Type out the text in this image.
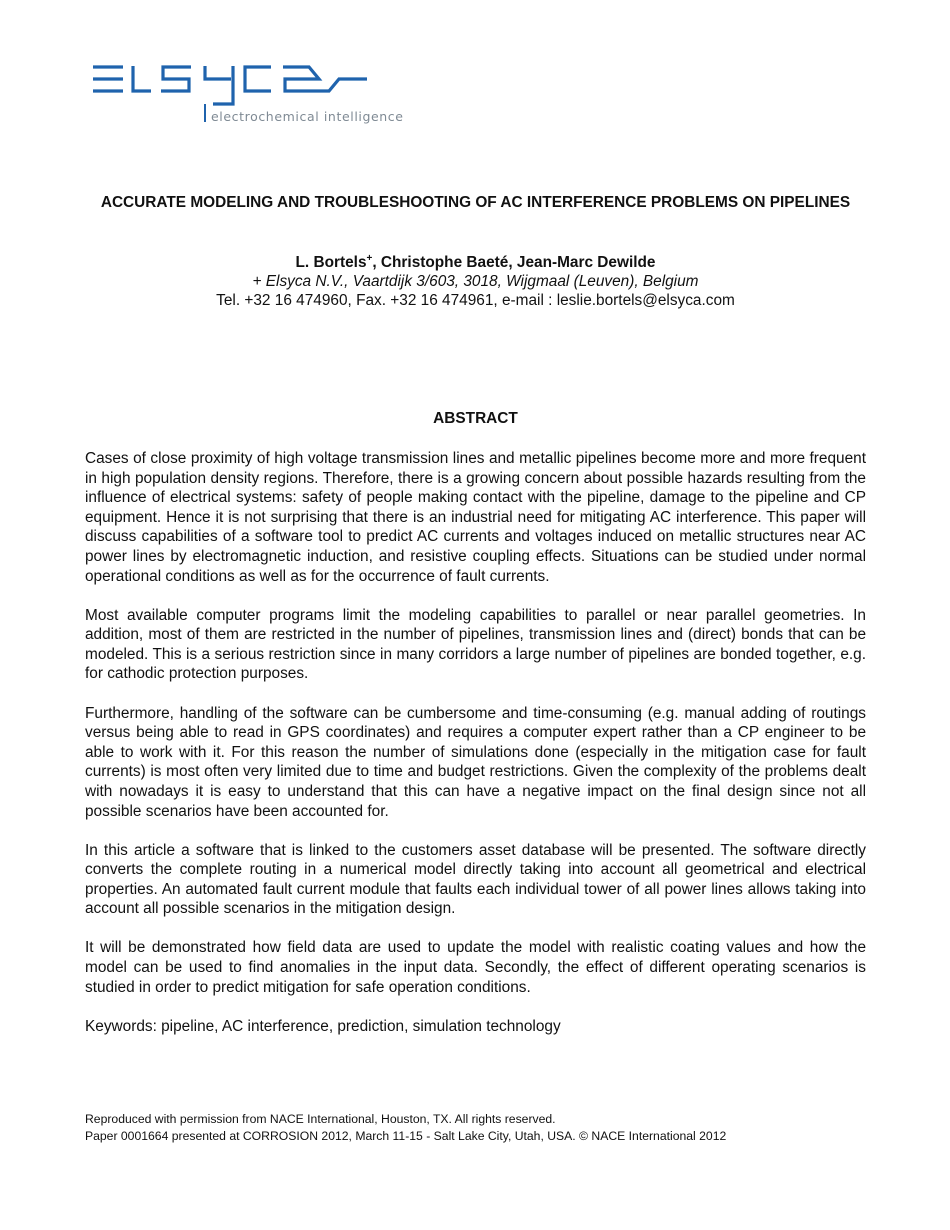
electrochemical intelligence
ACCURATE MODELING AND TROUBLESHOOTING OF AC INTERFERENCE PROBLEMS ON PIPELINES
L. Bortels+, Christophe Baeté, Jean-Marc Dewilde
+ Elsyca N.V., Vaartdijk 3/603, 3018, Wijgmaal (Leuven), Belgium
Tel. +32 16 474960, Fax. +32 16 474961, e-mail : leslie.bortels@elsyca.com
ABSTRACT

Cases of close proximity of high voltage transmission lines and metallic pipelines become more and more frequent in high population density regions. Therefore, there is a growing concern about possible hazards resulting from the influence of electrical systems: safety of people making contact with the pipeline, damage to the pipeline and CP equipment. Hence it is not surprising that there is an industrial need for mitigating AC interference. This paper will discuss capabilities of a software tool to predict AC currents and voltages induced on metallic structures near AC power lines by electromagnetic induction, and resistive coupling effects. Situations can be studied under normal operational conditions as well as for the occurrence of fault currents.

Most available computer programs limit the modeling capabilities to parallel or near parallel geometries. In addition, most of them are restricted in the number of pipelines, transmission lines and (direct) bonds that can be modeled. This is a serious restriction since in many corridors a large number of pipelines are bonded together, e.g. for cathodic protection purposes.

Furthermore, handling of the software can be cumbersome and time-consuming (e.g. manual adding of routings versus being able to read in GPS coordinates) and requires a computer expert rather than a CP engineer to be able to work with it. For this reason the number of simulations done (especially in the mitigation case for fault currents) is most often very limited due to time and budget restrictions. Given the complexity of the problems dealt with nowadays it is easy to understand that this can have a negative impact on the final design since not all possible scenarios have been accounted for.

In this article a software that is linked to the customers asset database will be presented. The software directly converts the complete routing in a numerical model directly taking into account all geometrical and electrical properties. An automated fault current module that faults each individual tower of all power lines allows taking into account all possible scenarios in the mitigation design.

It will be demonstrated how field data are used to update the model with realistic coating values and how the model can be used to find anomalies in the input data. Secondly, the effect of different operating scenarios is studied in order to predict mitigation for safe operation conditions.

Keywords: pipeline, AC interference, prediction, simulation technology

Reproduced with permission from NACE International, Houston, TX. All rights reserved.
Paper 0001664 presented at CORROSION 2012, March 11-15 - Salt Lake City, Utah, USA. © NACE International 2012
